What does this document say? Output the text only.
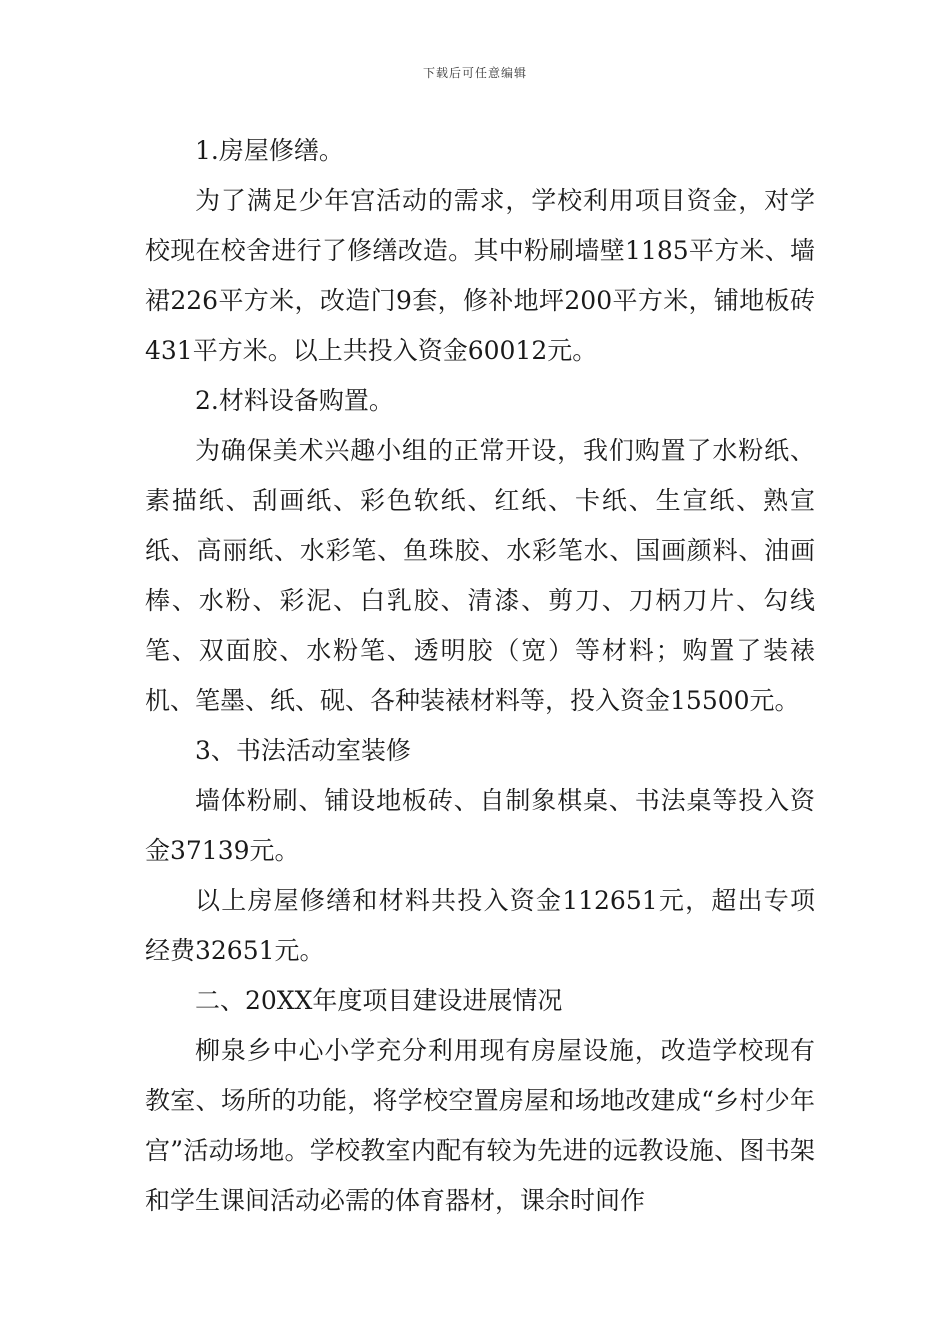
下载后可任意编辑

1.房屋修缮。

为了满足少年宫活动的需求，学校利用项目资金，对学校现在校舍进行了修缮改造。其中粉刷墙壁1185平方米、墙裙226平方米，改造门9套，修补地坪200平方米，铺地板砖431平方米。以上共投入资金60012元。

2.材料设备购置。

为确保美术兴趣小组的正常开设，我们购置了水粉纸、素描纸、刮画纸、彩色软纸、红纸、卡纸、生宣纸、熟宣纸、高丽纸、水彩笔、鱼珠胶、水彩笔水、国画颜料、油画棒、水粉、彩泥、白乳胶、清漆、剪刀、刀柄刀片、勾线笔、双面胶、水粉笔、透明胶（宽）等材料；购置了装裱机、笔墨、纸、砚、各种装裱材料等，投入资金15500元。

3、书法活动室装修

墙体粉刷、铺设地板砖、自制象棋桌、书法桌等投入资金37139元。

以上房屋修缮和材料共投入资金112651元，超出专项经费32651元。

二、20XX年度项目建设进展情况

柳泉乡中心小学充分利用现有房屋设施，改造学校现有教室、场所的功能，将学校空置房屋和场地改建成“乡村少年宫”活动场地。学校教室内配有较为先进的远教设施、图书架和学生课间活动必需的体育器材，课余时间作
